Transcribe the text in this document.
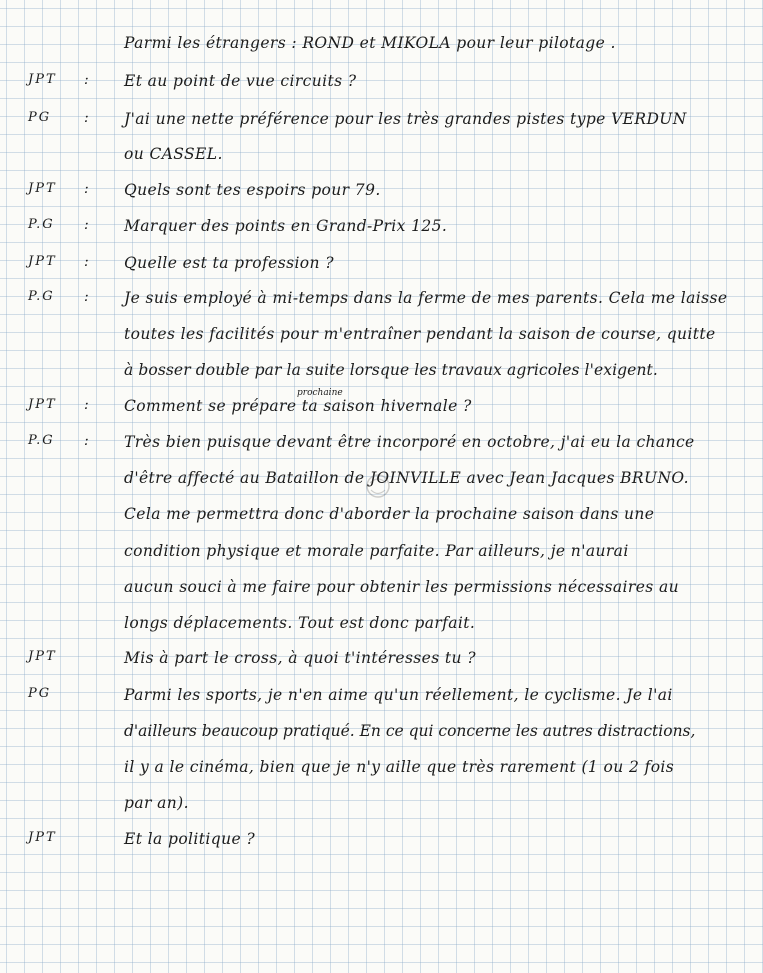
Parmi les étrangers : ROND et MIKOLA pour leur pilotage .
JPT	: Et au point de vue circuits ?
PG	: J'ai une nette préférence pour les très grandes pistes type VERDUN
ou CASSEL.
JPT	: Quels sont tes espoirs pour 79.
P.G	: Marquer des points en Grand-Prix 125.
JPT	: Quelle est ta profession ?
P.G	: Je suis employé à mi-temps dans la ferme de mes parents. Cela me laisse
toutes les facilités pour m'entraîner pendant la saison de course, quitte
à bosser double par la suite lorsque les travaux agricoles l'exigent.
JPT	: Comment se prépare ta saison hivernale ?
prochaine
P.G	: Très bien puisque devant être incorporé en octobre, j'ai eu la chance
d'être affecté au Bataillon de JOINVILLE avec Jean Jacques BRUNO.
Cela me permettra donc d'aborder la prochaine saison dans une
condition physique et morale parfaite. Par ailleurs, je n'aurai
aucun souci à me faire pour obtenir les permissions nécessaires au
longs déplacements. Tout est donc parfait.
JPT	Mis à part le cross, à quoi t'intéresses tu ?
PG	Parmi les sports, je n'en aime qu'un réellement, le cyclisme. Je l'ai
d'ailleurs beaucoup pratiqué. En ce qui concerne les autres distractions,
il y a le cinéma, bien que je n'y aille que très rarement (1 ou 2 fois
par an).
JPT	Et la politique ?
